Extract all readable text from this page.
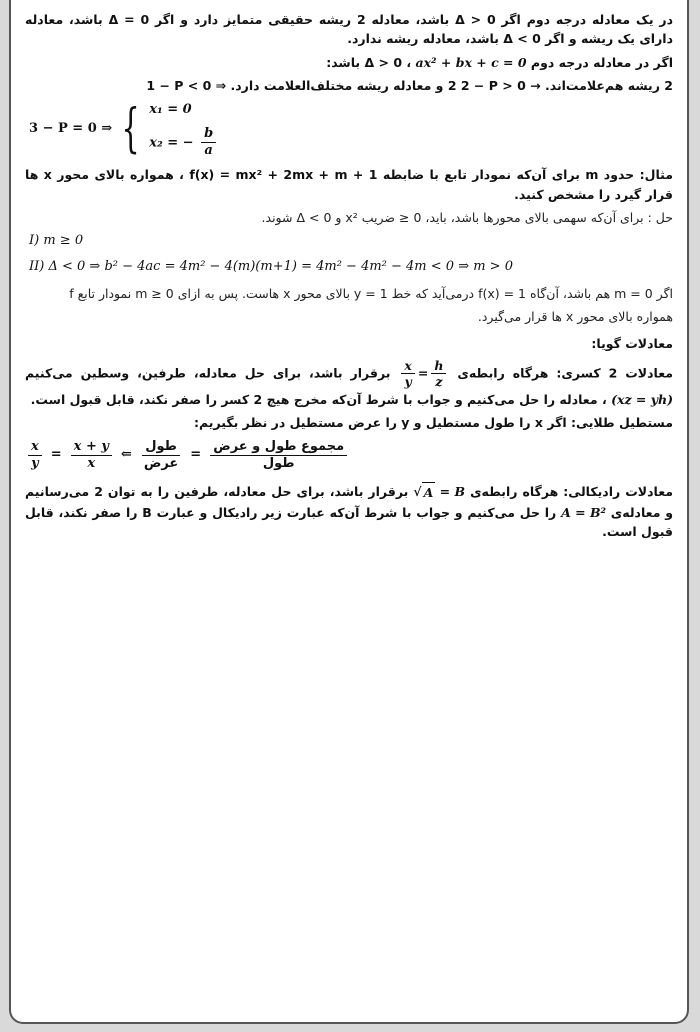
در یک معادله درجه دوم اگر Δ > 0 باشد، معادله 2 ریشه حقیقی متمایز دارد و اگر Δ = 0 باشد، معادله دارای یک ریشه و اگر Δ < 0 باشد، معادله ریشه ندارد.

اگر در معادله درجه دوم ax² + bx + c = 0 ، Δ > 0 باشد:

2 ریشه هم‌علامت‌اند. 2 − P > 0 → 2 و معادله ریشه مختلف‌العلامت دارد. 1 − P < 0 ⇒

3 − P = 0 ⇒ { x₁ = 0
x₂ = − $\frac{b}{a}$

مثال: حدود m برای آن‌که نمودار تابع با ضابطه f(x) = mx² + 2mx + m + 1 ، همواره بالای محور x ها قرار گیرد را مشخص کنید.

حل : برای آن‌که سهمی بالای محورها باشد، باید، 0 ≤ ضریب x² و Δ < 0 شوند.

I) m ≥ 0
II) Δ < 0 ⇒ b² − 4ac = 4m² − 4(m)(m+1) = 4m² − 4m² − 4m < 0 ⇒ m > 0

اگر m = 0 هم باشد، آن‌گاه f(x) = 1 درمی‌آید که خط y = 1 بالای محور x هاست. پس به ازای m ≥ 0 نمودار تابع f

همواره بالای محور x ها قرار می‌گیرد.

معادلات گویا:

معادلات 2 کسری: هرگاه رابطه‌ی
$\frac{x}{y} = \frac{h}{z}$
برقرار باشد، برای حل معادله، طرفین، وسطین می‌کنیم (xz = yh) ، معادله را حل می‌کنیم و جواب با شرط آن‌که مخرج هیچ 2 کسر را صفر نکند، قابل قبول است.

مستطیل طلایی: اگر x را طول مستطیل و y را عرض مستطیل در نظر بگیریم:

$\frac{\text{مجموع طول و عرض}}{\text{طول}}$
=
$\frac{\text{طول}}{\text{عرض}}$
⇐
$\frac{x + y}{x}$
=
$\frac{x}{y}$

معادلات رادیکالی: هرگاه رابطه‌ی √ A = B برقرار باشد، برای حل معادله، طرفین را به توان 2 می‌رسانیم و معادله‌ی A = B² را حل می‌کنیم و جواب با شرط آن‌که عبارت زیر رادیکال و عبارت B را صفر نکند، قابل قبول است.
